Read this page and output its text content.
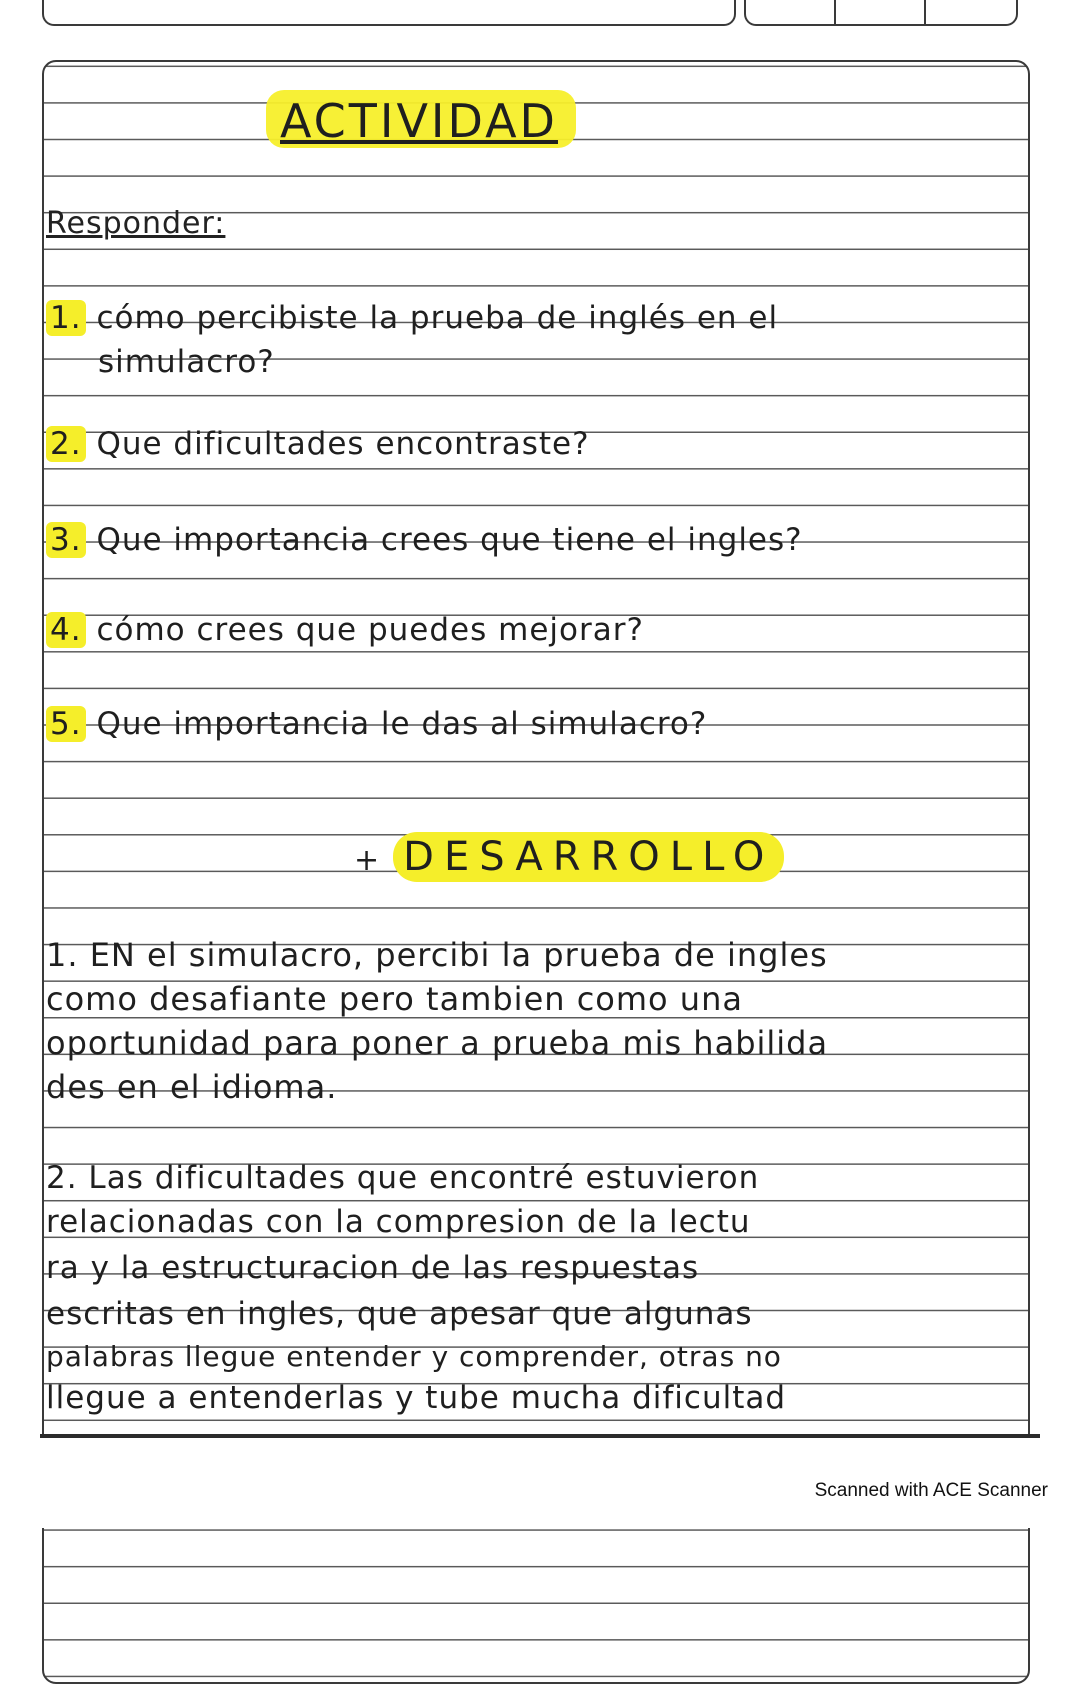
ACTIVIDAD
Responder:
1. cómo percibiste la prueba de inglés en el
simulacro?
2. Que dificultades encontraste?
3. Que importancia crees que tiene el ingles?
4. cómo crees que puedes mejorar?
5. Que importancia le das al simulacro?
+ DESARROLLO
1. EN el simulacro, percibi la prueba de ingles
como desafiante pero tambien como una
oportunidad para poner a prueba mis habilida
des en el idioma.
2. Las dificultades que encontré estuvieron
relacionadas con la compresion de la lectu
ra y la estructuracion de las respuestas
escritas en ingles, que apesar que algunas
palabras llegue entender y comprender, otras no
llegue a entenderlas y tube mucha dificultad
Scanned with ACE Scanner
